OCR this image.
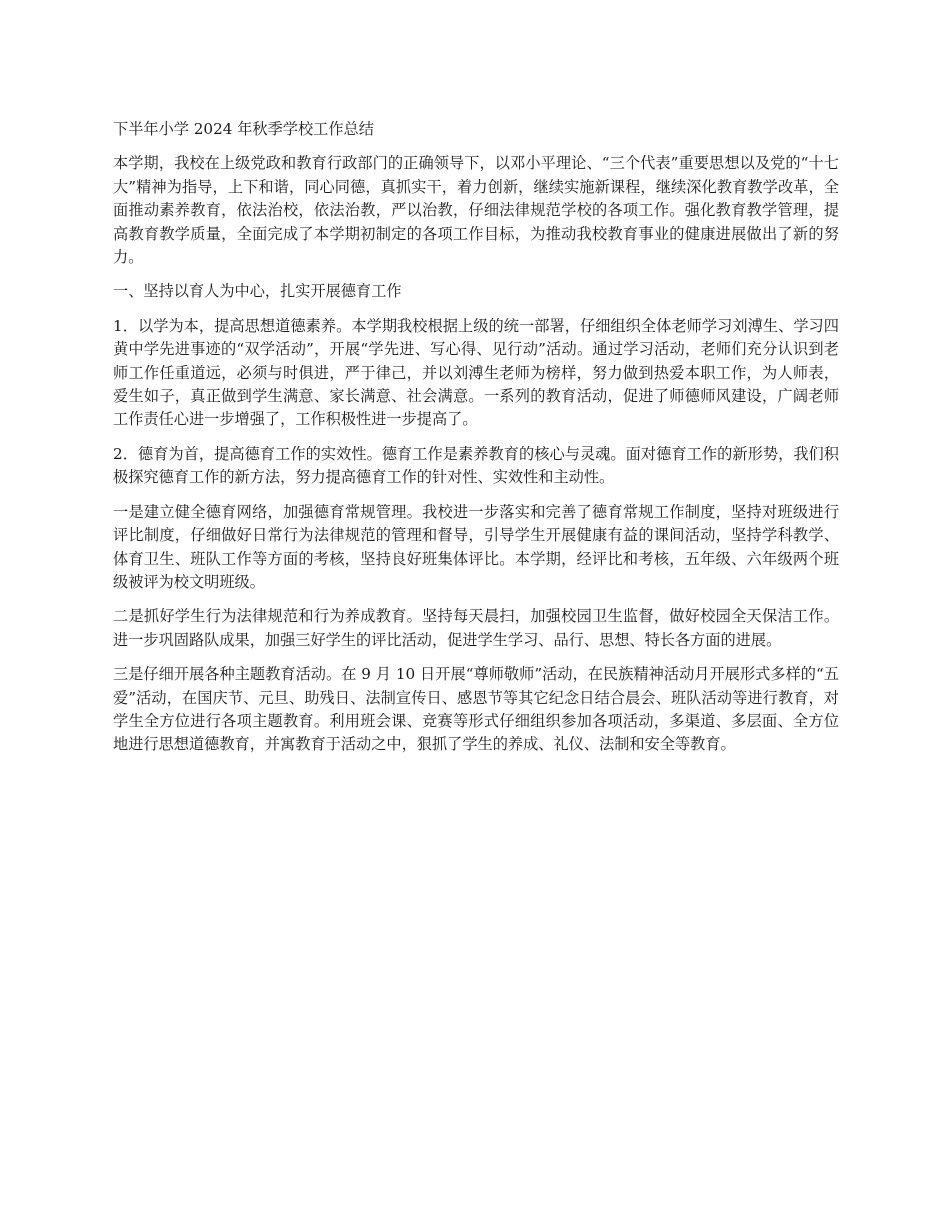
下半年小学 2024 年秋季学校工作总结

本学期，我校在上级党政和教育行政部门的正确领导下，以邓小平理论、“三个代表”重要思想以及党的“十七大”精神为指导，上下和谐，同心同德，真抓实干，着力创新，继续实施新课程，继续深化教育教学改革，全面推动素养教育，依法治校，依法治教，严以治教，仔细法律规范学校的各项工作。强化教育教学管理，提高教育教学质量，全面完成了本学期初制定的各项工作目标，为推动我校教育事业的健康进展做出了新的努力。

一、坚持以育人为中心，扎实开展德育工作

1．以学为本，提高思想道德素养。本学期我校根据上级的统一部署，仔细组织全体老师学习刘溥生、学习四黄中学先进事迹的“双学活动”，开展“学先进、写心得、见行动”活动。通过学习活动，老师们充分认识到老师工作任重道远，必须与时俱进，严于律己，并以刘溥生老师为榜样，努力做到热爱本职工作，为人师表，爱生如子，真正做到学生满意、家长满意、社会满意。一系列的教育活动，促进了师德师风建设，广阔老师工作责任心进一步增强了，工作积极性进一步提高了。

2．德育为首，提高德育工作的实效性。德育工作是素养教育的核心与灵魂。面对德育工作的新形势，我们积极探究德育工作的新方法，努力提高德育工作的针对性、实效性和主动性。

一是建立健全德育网络，加强德育常规管理。我校进一步落实和完善了德育常规工作制度，坚持对班级进行评比制度，仔细做好日常行为法律规范的管理和督导，引导学生开展健康有益的课间活动，坚持学科教学、体育卫生、班队工作等方面的考核，坚持良好班集体评比。本学期，经评比和考核，五年级、六年级两个班级被评为校文明班级。

二是抓好学生行为法律规范和行为养成教育。坚持每天晨扫，加强校园卫生监督，做好校园全天保洁工作。进一步巩固路队成果，加强三好学生的评比活动，促进学生学习、品行、思想、特长各方面的进展。

三是仔细开展各种主题教育活动。在 9 月 10 日开展“尊师敬师”活动，在民族精神活动月开展形式多样的“五爱”活动，在国庆节、元旦、助残日、法制宣传日、感恩节等其它纪念日结合晨会、班队活动等进行教育，对学生全方位进行各项主题教育。利用班会课、竞赛等形式仔细组织参加各项活动，多渠道、多层面、全方位地进行思想道德教育，并寓教育于活动之中，狠抓了学生的养成、礼仪、法制和安全等教育。
